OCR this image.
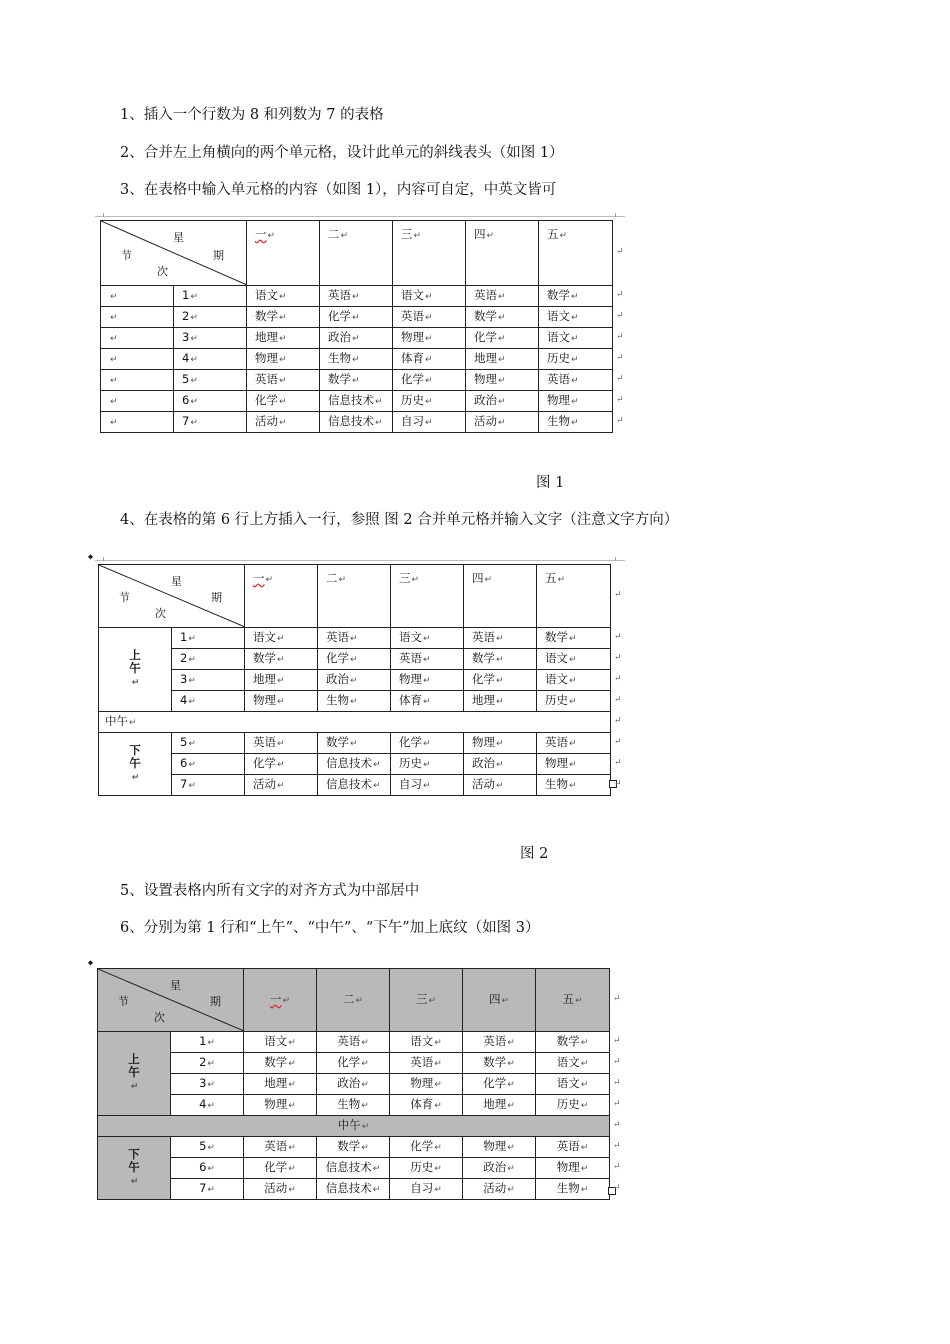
1、插入一个行数为 8 和列数为 7 的表格
2、合并左上角横向的两个单元格，设计此单元的斜线表头（如图 1）
3、在表格中输入单元格的内容（如图 1），内容可自定，中英文皆可
星
期
节
次		一↵	二↵	三↵	四↵	五↵
↵	1↵	语文↵	英语↵	语文↵	英语↵	数学↵
↵	2↵	数学↵	化学↵	英语↵	数学↵	语文↵
↵	3↵	地理↵	政治↵	物理↵	化学↵	语文↵
↵	4↵	物理↵	生物↵	体育↵	地理↵	历史↵
↵	5↵	英语↵	数学↵	化学↵	物理↵	英语↵
↵	6↵	化学↵	信息技术↵	历史↵	政治↵	物理↵
↵	7↵	活动↵	信息技术↵	自习↵	活动↵	生物↵
图 1
4、在表格的第 6 行上方插入一行，参照 图 2 合并单元格并输入文字（注意文字方向）
⌖
星
期
节
次		一↵	二↵	三↵	四↵	五↵
上
午
↵	1↵	语文↵	英语↵	语文↵	英语↵	数学↵
	2↵	数学↵	化学↵	英语↵	数学↵	语文↵
	3↵	地理↵	政治↵	物理↵	化学↵	语文↵
	4↵	物理↵	生物↵	体育↵	地理↵	历史↵
中午↵						
下
午
↵	5↵	英语↵	数学↵	化学↵	物理↵	英语↵
	6↵	化学↵	信息技术↵	历史↵	政治↵	物理↵
	7↵	活动↵	信息技术↵	自习↵	活动↵	生物↵
图 2
5、设置表格内所有文字的对齐方式为中部居中
6、分别为第 1 行和“上午”、“中午”、“下午”加上底纹（如图 3）
⌖
星
期
节
次		一↵	二↵	三↵	四↵	五↵
上
午
↵	1↵	语文↵	英语↵	语文↵	英语↵	数学↵
	2↵	数学↵	化学↵	英语↵	数学↵	语文↵
	3↵	地理↵	政治↵	物理↵	化学↵	语文↵
	4↵	物理↵	生物↵	体育↵	地理↵	历史↵
中午↵						
下
午
↵	5↵	英语↵	数学↵	化学↵	物理↵	英语↵
	6↵	化学↵	信息技术↵	历史↵	政治↵	物理↵
	7↵	活动↵	信息技术↵	自习↵	活动↵	生物↵
↵
↵
↵
↵
↵
↵
↵
↵
↵
↵
↵
↵
↵
↵
↵
↵
↵
↵
↵
↵
↵
↵
↵
↵
↵
↵
